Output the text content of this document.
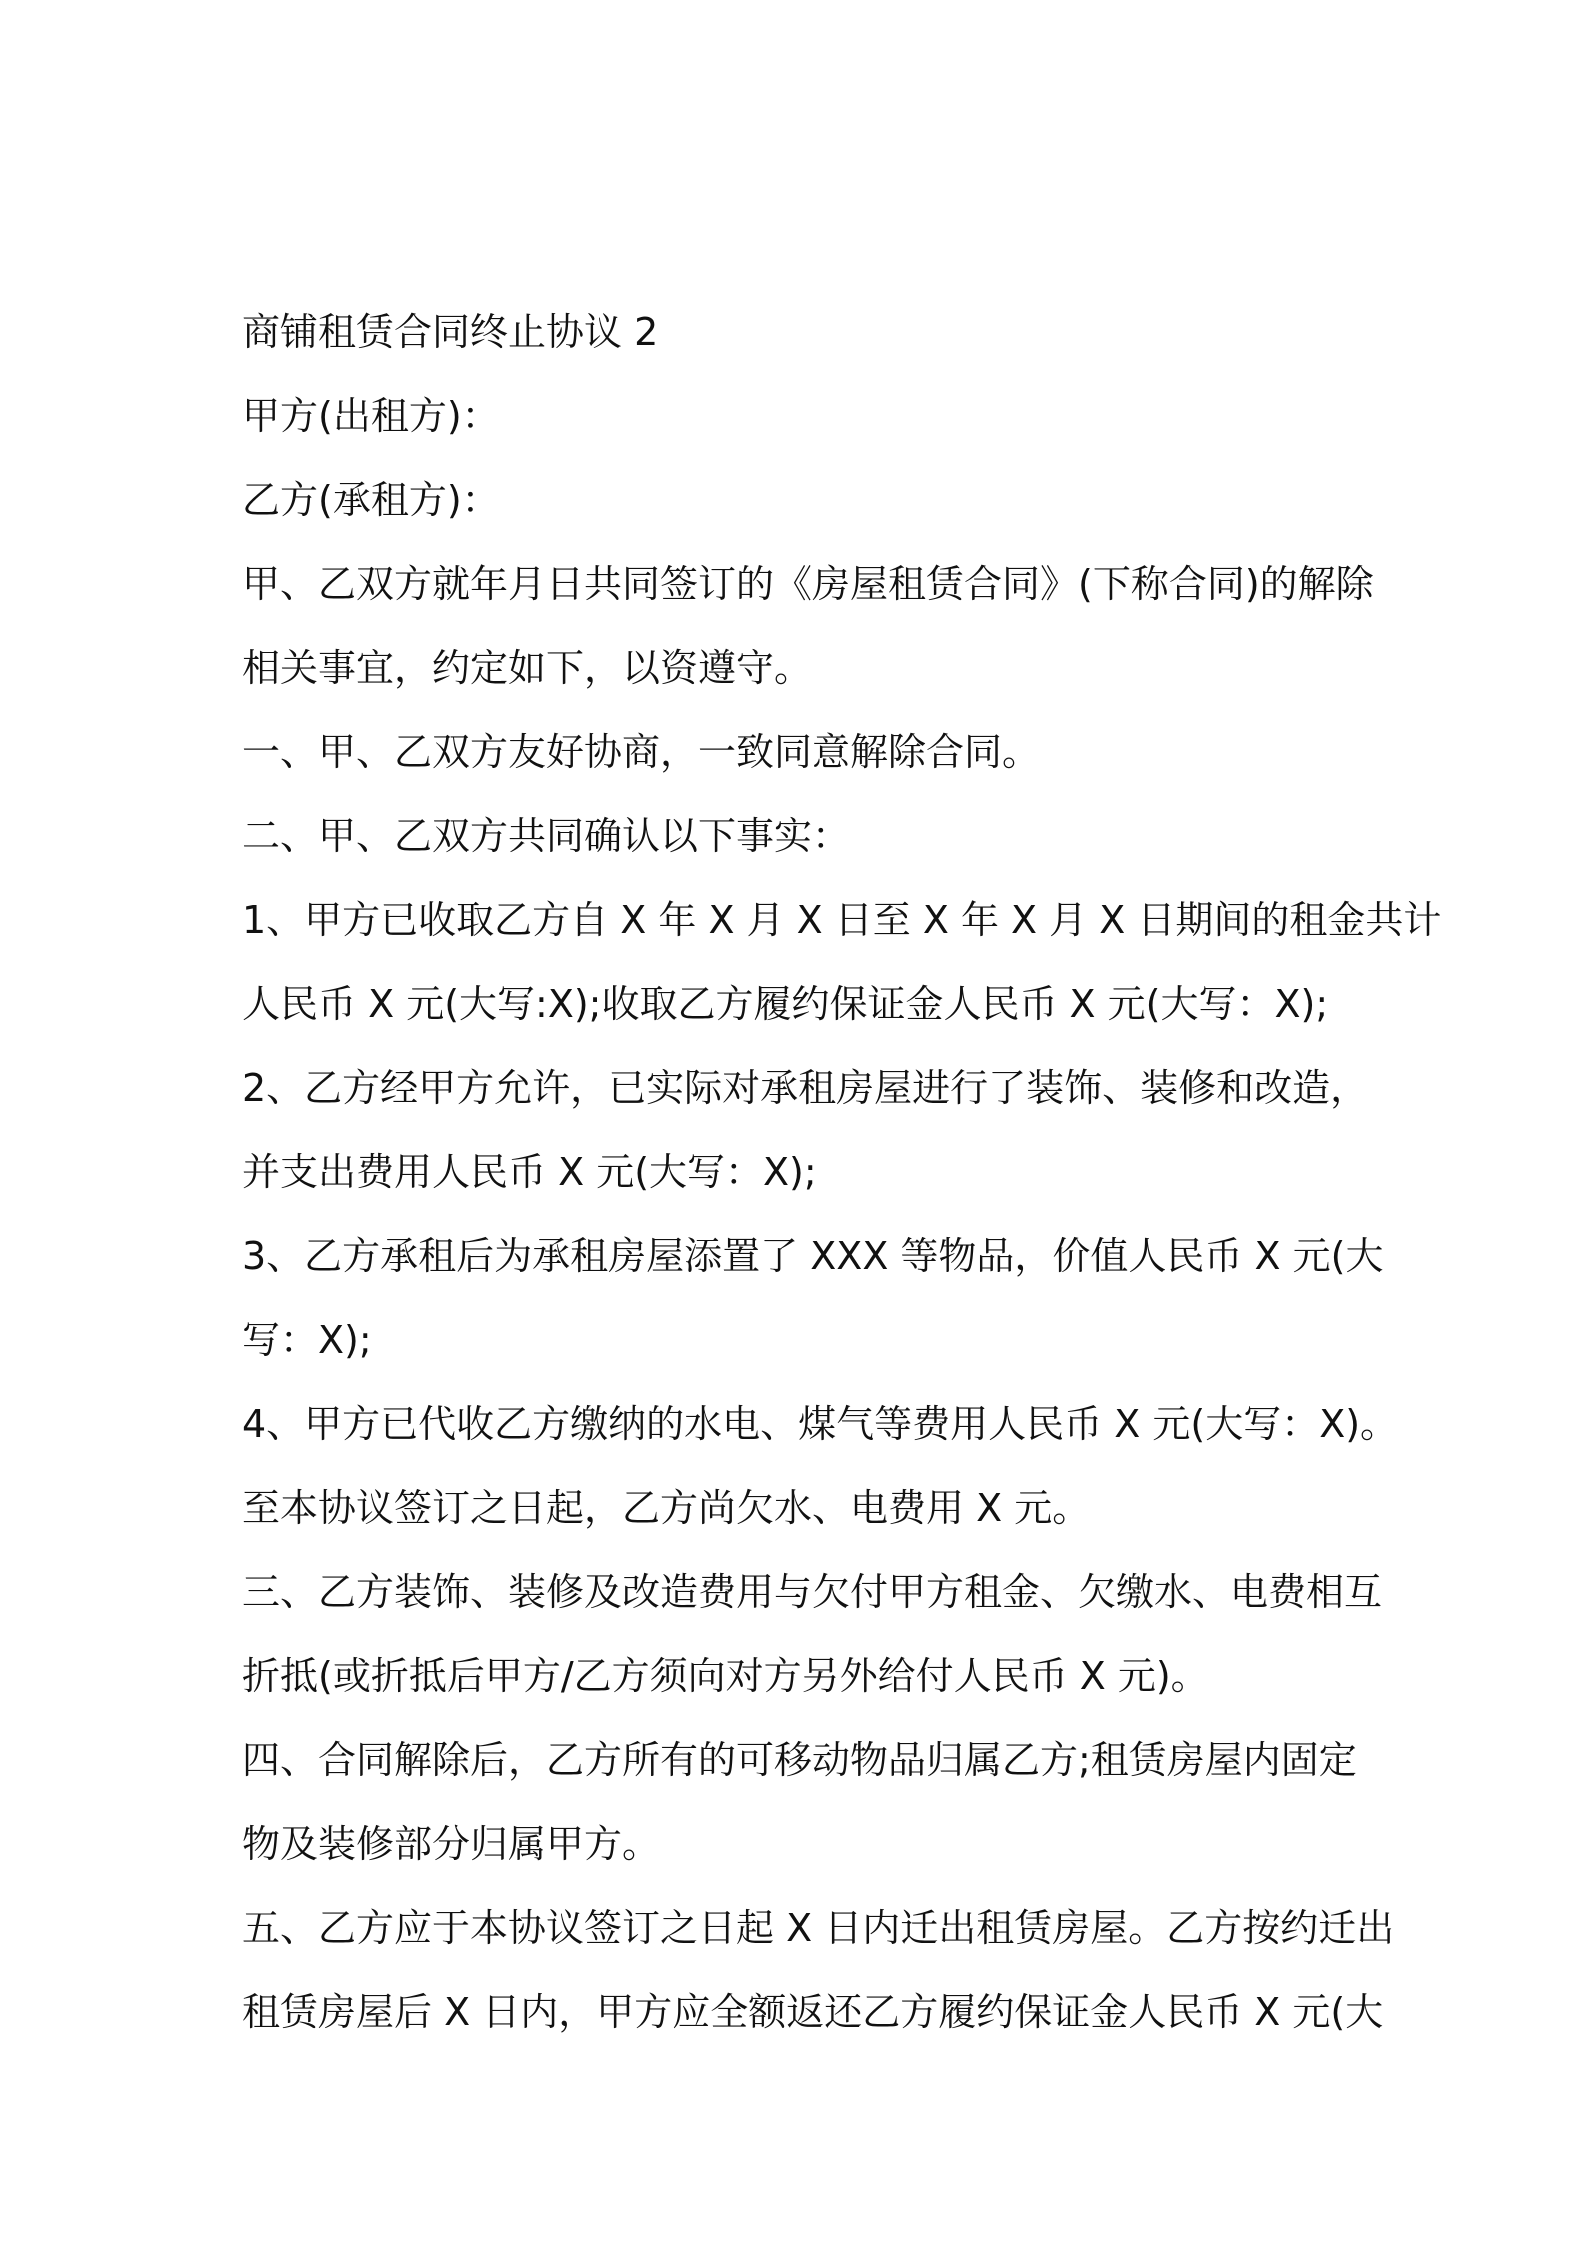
商铺租赁合同终止协议 2
甲方(出租方)：
乙方(承租方)：
甲、乙双方就年月日共同签订的《房屋租赁合同》(下称合同)的解除
相关事宜，约定如下，以资遵守。
一、甲、乙双方友好协商，一致同意解除合同。
二、甲、乙双方共同确认以下事实：
1、甲方已收取乙方自 X 年 X 月 X 日至 X 年 X 月 X 日期间的租金共计
人民币 X 元(大写:X);收取乙方履约保证金人民币 X 元(大写：X);
2、乙方经甲方允许，已实际对承租房屋进行了装饰、装修和改造，
并支出费用人民币 X 元(大写：X);
3、乙方承租后为承租房屋添置了 XXX 等物品，价值人民币 X 元(大
写：X);
4、甲方已代收乙方缴纳的水电、煤气等费用人民币 X 元(大写：X)。
至本协议签订之日起，乙方尚欠水、电费用 X 元。
三、乙方装饰、装修及改造费用与欠付甲方租金、欠缴水、电费相互
折抵(或折抵后甲方/乙方须向对方另外给付人民币 X 元)。
四、合同解除后，乙方所有的可移动物品归属乙方;租赁房屋内固定
物及装修部分归属甲方。
五、乙方应于本协议签订之日起 X 日内迁出租赁房屋。乙方按约迁出
租赁房屋后 X 日内，甲方应全额返还乙方履约保证金人民币 X 元(大
